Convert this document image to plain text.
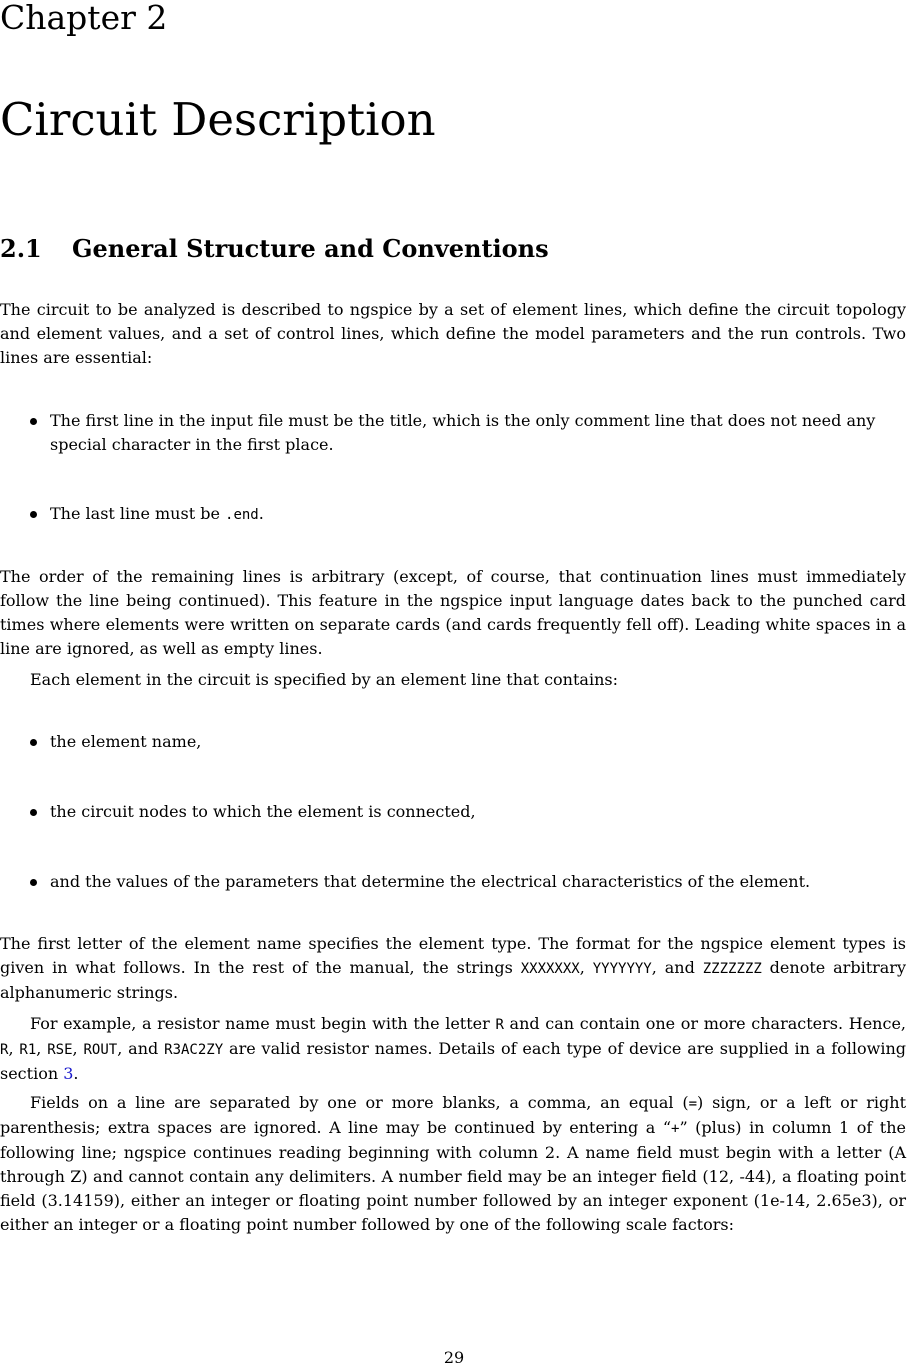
Chapter 2
Circuit Description
2.1 General Structure and Conventions

The circuit to be analyzed is described to ngspice by a set of element lines, which define the circuit topology and element values, and a set of control lines, which define the model parameters and the run controls. Two lines are essential:

The first line in the input file must be the title, which is the only comment line that does not need any special character in the first place.

The last line must be .end.

The order of the remaining lines is arbitrary (except, of course, that continuation lines must immediately follow the line being continued). This feature in the ngspice input language dates back to the punched card times where elements were written on separate cards (and cards frequently fell off). Leading white spaces in a line are ignored, as well as empty lines.

Each element in the circuit is specified by an element line that contains:

the element name,

the circuit nodes to which the element is connected,

and the values of the parameters that determine the electrical characteristics of the element.

The first letter of the element name specifies the element type. The format for the ngspice element types is given in what follows. In the rest of the manual, the strings XXXXXXX, YYYYYYY, and ZZZZZZZ denote arbitrary alphanumeric strings.

For example, a resistor name must begin with the letter R and can contain one or more characters. Hence, R, R1, RSE, ROUT, and R3AC2ZY are valid resistor names. Details of each type of device are supplied in a following section 3.

Fields on a line are separated by one or more blanks, a comma, an equal (=) sign, or a left or right parenthesis; extra spaces are ignored. A line may be continued by entering a “+” (plus) in column 1 of the following line; ngspice continues reading beginning with column 2. A name field must begin with a letter (A through Z) and cannot contain any delimiters. A number field may be an integer field (12, -44), a floating point field (3.14159), either an integer or floating point number followed by an integer exponent (1e-14, 2.65e3), or either an integer or a floating point number followed by one of the following scale factors:

29
